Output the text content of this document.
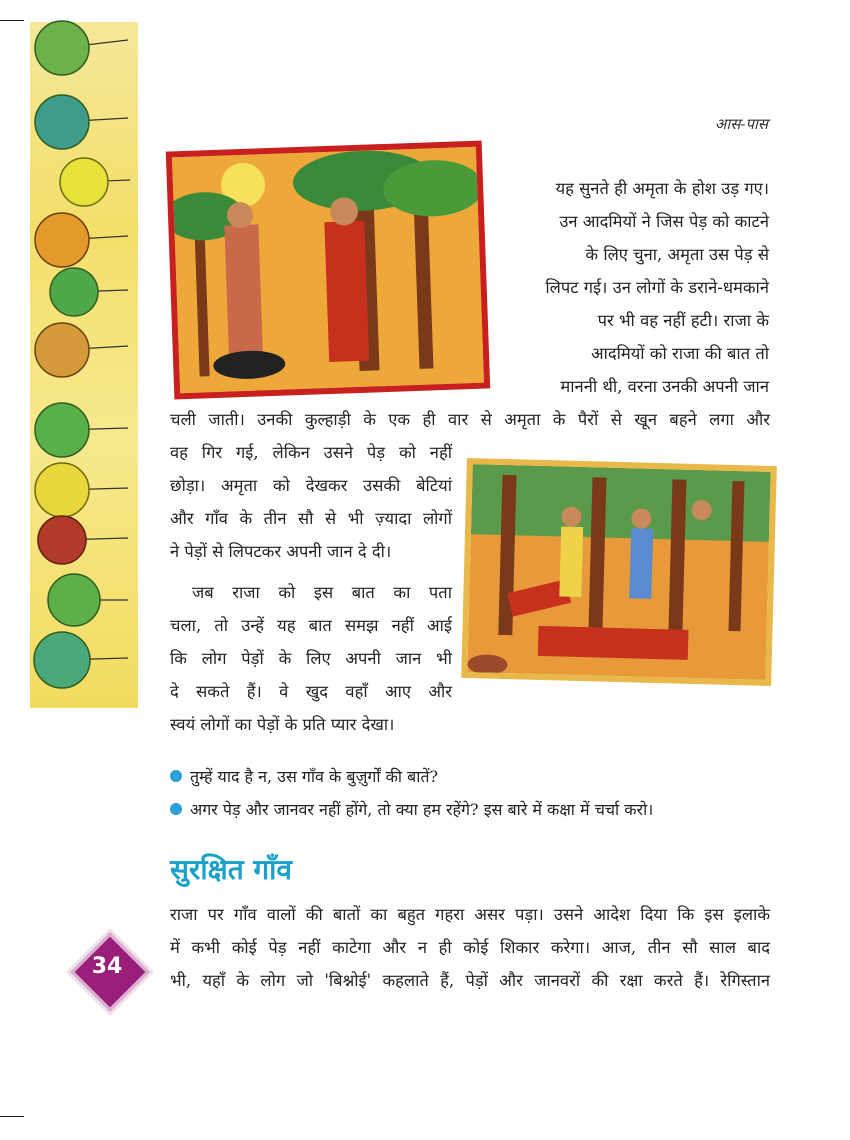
आस-पास
यह सुनते ही अमृता के होश उड़ गए।
उन आदमियों ने जिस पेड़ को काटने
के लिए चुना, अमृता उस पेड़ से
लिपट गई। उन लोगों के डराने-धमकाने
पर भी वह नहीं हटी। राजा के
आदमियों को राजा की बात तो
माननी थी, वरना उनकी अपनी जान
चली जाती। उनकी कुल्हाड़ी के एक ही वार से अमृता के पैरों से खून बहने लगा और

वह गिर गई, लेकिन उसने पेड़ को नहीं

छोड़ा। अमृता को देखकर उसकी बेटियां

और गाँव के तीन सौ से भी ज़्यादा लोगों

ने पेड़ों से लिपटकर अपनी जान दे दी।

जब राजा को इस बात का पता

चला, तो उन्हें यह बात समझ नहीं आई

कि लोग पेड़ों के लिए अपनी जान भी

दे सकते हैं। वे खुद वहाँ आए और

स्वयं लोगों का पेड़ों के प्रति प्यार देखा।

तुम्हें याद है न, उस गाँव के बुज़ुर्गों की बातें?
अगर पेड़ और जानवर नहीं होंगे, तो क्या हम रहेंगे? इस बारे में कक्षा में चर्चा करो।
सुरक्षित गाँव

राजा पर गाँव वालों की बातों का बहुत गहरा असर पड़ा। उसने आदेश दिया कि इस इलाके

में कभी कोई पेड़ नहीं काटेगा और न ही कोई शिकार करेगा। आज, तीन सौ साल बाद

भी, यहाँ के लोग जो 'बिश्नोई' कहलाते हैं, पेड़ों और जानवरों की रक्षा करते हैं। रेगिस्तान

34
